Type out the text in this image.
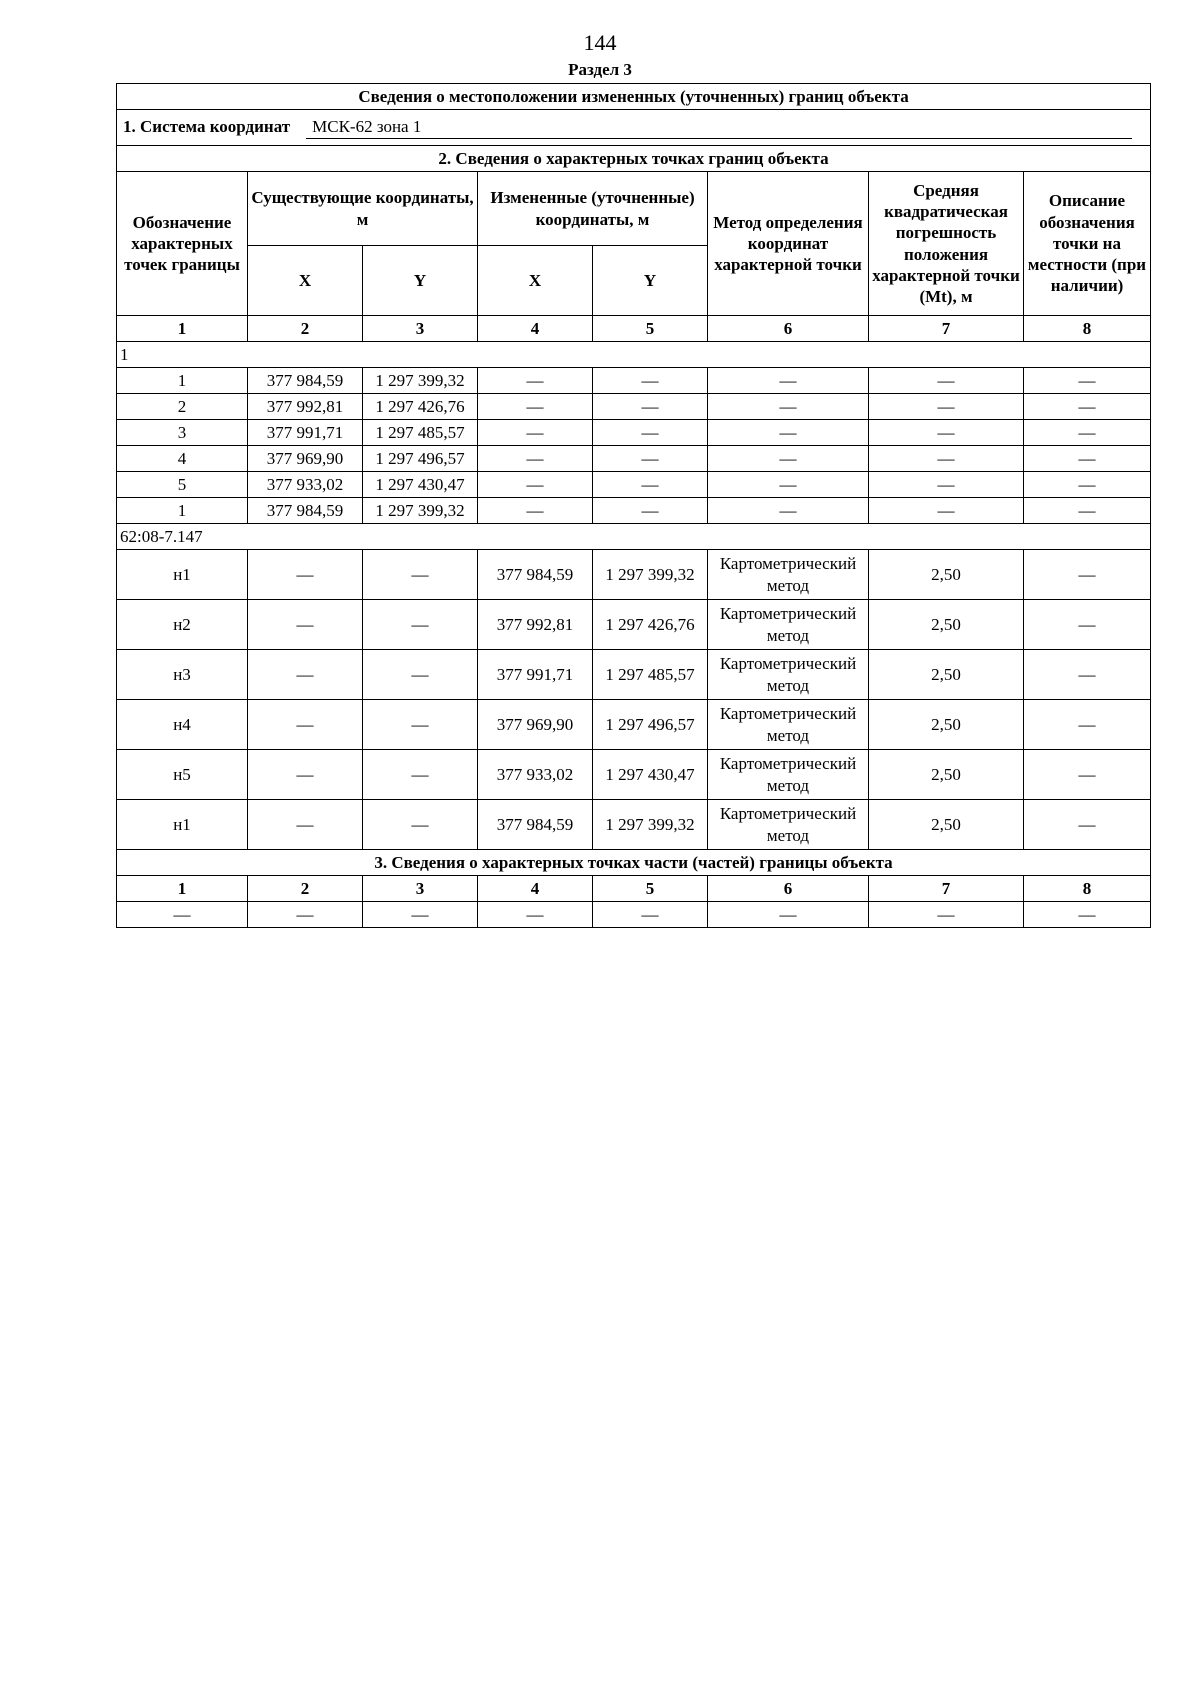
144
Раздел 3
Сведения о местоположении измененных (уточненных) границ объекта							
1. Система координат МСК-62 зона 1							
2. Сведения о характерных точках границ объекта							
Обозначение характерных точек границы	Существующие координаты, м		Измененные (уточненные) координаты, м		Метод определения координат характерной точки	Средняя квадратическая погрешность положения характерной точки (Mt), м	Описание обозначения точки на местности (при наличии)
	X	Y	X	Y			
1	2	3	4	5	6	7	8
1							
1	377 984,59	1 297 399,32	—	—	—	—	—
2	377 992,81	1 297 426,76	—	—	—	—	—
3	377 991,71	1 297 485,57	—	—	—	—	—
4	377 969,90	1 297 496,57	—	—	—	—	—
5	377 933,02	1 297 430,47	—	—	—	—	—
1	377 984,59	1 297 399,32	—	—	—	—	—
62:08-7.147							
н1	—	—	377 984,59	1 297 399,32	Картометрический метод	2,50	—
н2	—	—	377 992,81	1 297 426,76	Картометрический метод	2,50	—
н3	—	—	377 991,71	1 297 485,57	Картометрический метод	2,50	—
н4	—	—	377 969,90	1 297 496,57	Картометрический метод	2,50	—
н5	—	—	377 933,02	1 297 430,47	Картометрический метод	2,50	—
н1	—	—	377 984,59	1 297 399,32	Картометрический метод	2,50	—
3. Сведения о характерных точках части (частей) границы объекта							
1	2	3	4	5	6	7	8
—	—	—	—	—	—	—	—
